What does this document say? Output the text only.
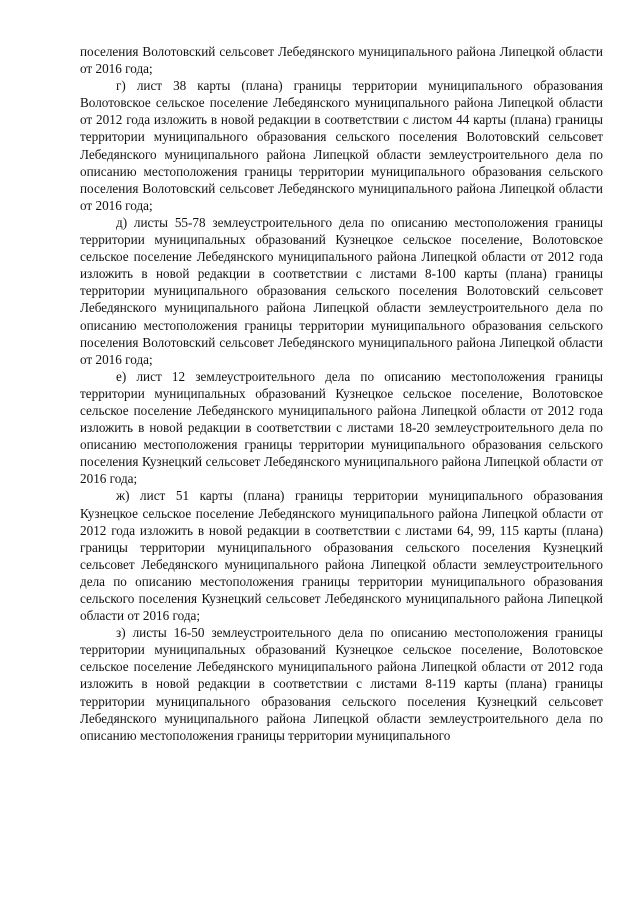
поселения Волотовский сельсовет Лебедянского муниципального района Липецкой области от 2016 года;

г) лист 38 карты (плана) границы территории муниципального образования Волотовское сельское поселение Лебедянского муниципального района Липецкой области от 2012 года изложить в новой редакции в соответствии с листом 44 карты (плана) границы территории муниципального образования сельского поселения Волотовский сельсовет Лебедянского муниципального района Липецкой области землеустроительного дела по описанию местоположения границы территории муниципального образования сельского поселения Волотовский сельсовет Лебедянского муниципального района Липецкой области от 2016 года;

д) листы 55-78 землеустроительного дела по описанию местоположения границы территории муниципальных образований Кузнецкое сельское поселение, Волотовское сельское поселение Лебедянского муниципального района Липецкой области от 2012 года изложить в новой редакции в соответствии с листами 8-100 карты (плана) границы территории муниципального образования сельского поселения Волотовский сельсовет Лебедянского муниципального района Липецкой области землеустроительного дела по описанию местоположения границы территории муниципального образования сельского поселения Волотовский сельсовет Лебедянского муниципального района Липецкой области от 2016 года;

е) лист 12 землеустроительного дела по описанию местоположения границы территории муниципальных образований Кузнецкое сельское поселение, Волотовское сельское поселение Лебедянского муниципального района Липецкой области от 2012 года изложить в новой редакции в соответствии с листами 18-20 землеустроительного дела по описанию местоположения границы территории муниципального образования сельского поселения Кузнецкий сельсовет Лебедянского муниципального района Липецкой области от 2016 года;

ж) лист 51 карты (плана) границы территории муниципального образования Кузнецкое сельское поселение Лебедянского муниципального района Липецкой области от 2012 года изложить в новой редакции в соответствии с листами 64, 99, 115 карты (плана) границы территории муниципального образования сельского поселения Кузнецкий сельсовет Лебедянского муниципального района Липецкой области землеустроительного дела по описанию местоположения границы территории муниципального образования сельского поселения Кузнецкий сельсовет Лебедянского муниципального района Липецкой области от 2016 года;

з) листы 16-50 землеустроительного дела по описанию местоположения границы территории муниципальных образований Кузнецкое сельское поселение, Волотовское сельское поселение Лебедянского муниципального района Липецкой области от 2012 года изложить в новой редакции в соответствии с листами 8-119 карты (плана) границы территории муниципального образования сельского поселения Кузнецкий сельсовет Лебедянского муниципального района Липецкой области землеустроительного дела по описанию местоположения границы территории муниципального
